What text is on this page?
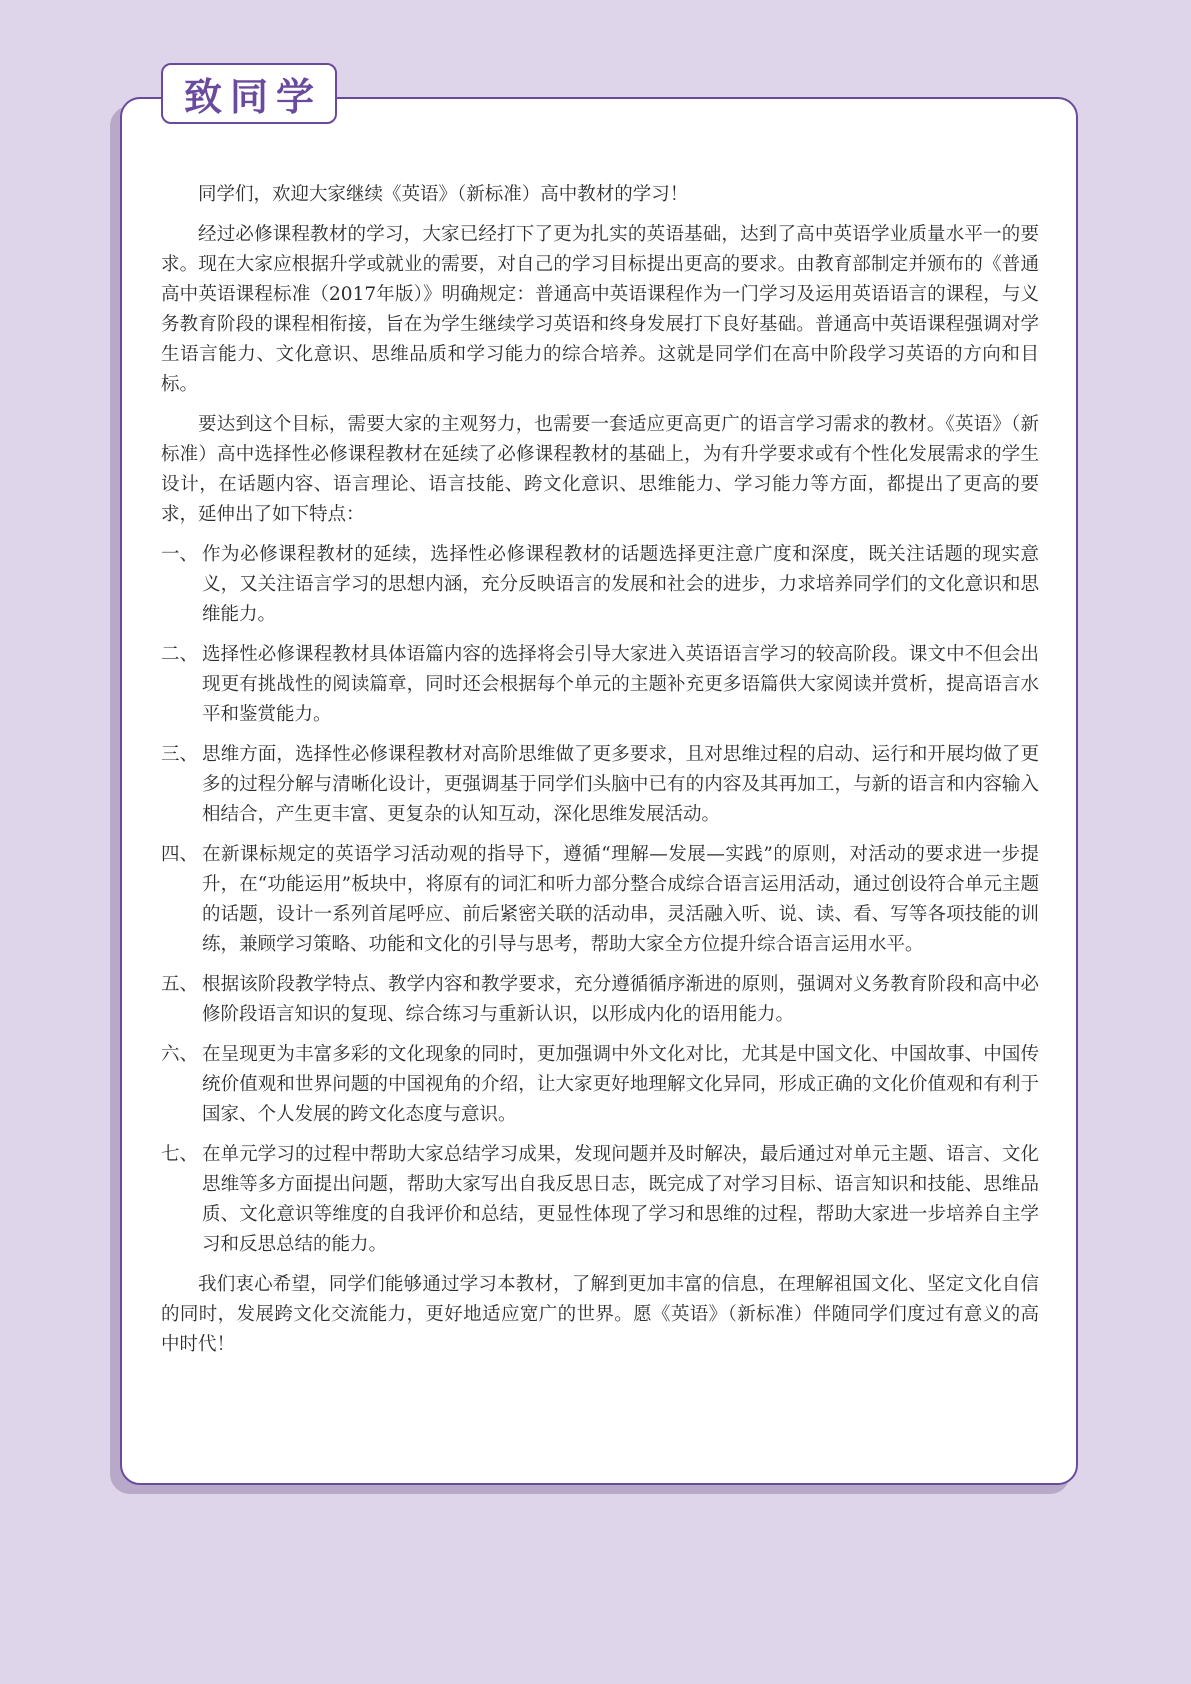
致同学

同学们，欢迎大家继续《英语》（新标准）高中教材的学习！

经过必修课程教材的学习，大家已经打下了更为扎实的英语基础，达到了高中英语学业质量水平一的要求。现在大家应根据升学或就业的需要，对自己的学习目标提出更高的要求。由教育部制定并颁布的《普通高中英语课程标准（2017年版）》明确规定：普通高中英语课程作为一门学习及运用英语语言的课程，与义务教育阶段的课程相衔接，旨在为学生继续学习英语和终身发展打下良好基础。普通高中英语课程强调对学生语言能力、文化意识、思维品质和学习能力的综合培养。这就是同学们在高中阶段学习英语的方向和目标。

要达到这个目标，需要大家的主观努力，也需要一套适应更高更广的语言学习需求的教材。《英语》（新标准）高中选择性必修课程教材在延续了必修课程教材的基础上，为有升学要求或有个性化发展需求的学生设计，在话题内容、语言理论、语言技能、跨文化意识、思维能力、学习能力等方面，都提出了更高的要求，延伸出了如下特点：

一、 作为必修课程教材的延续，选择性必修课程教材的话题选择更注意广度和深度，既关注话题的现实意义，又关注语言学习的思想内涵，充分反映语言的发展和社会的进步，力求培养同学们的文化意识和思维能力。
二、 选择性必修课程教材具体语篇内容的选择将会引导大家进入英语语言学习的较高阶段。课文中不但会出现更有挑战性的阅读篇章，同时还会根据每个单元的主题补充更多语篇供大家阅读并赏析，提高语言水平和鉴赏能力。
三、 思维方面，选择性必修课程教材对高阶思维做了更多要求，且对思维过程的启动、运行和开展均做了更多的过程分解与清晰化设计，更强调基于同学们头脑中已有的内容及其再加工，与新的语言和内容输入相结合，产生更丰富、更复杂的认知互动，深化思维发展活动。
四、 在新课标规定的英语学习活动观的指导下，遵循“理解—发展—实践”的原则，对活动的要求进一步提升，在“功能运用”板块中，将原有的词汇和听力部分整合成综合语言运用活动，通过创设符合单元主题的话题，设计一系列首尾呼应、前后紧密关联的活动串，灵活融入听、说、读、看、写等各项技能的训练，兼顾学习策略、功能和文化的引导与思考，帮助大家全方位提升综合语言运用水平。
五、 根据该阶段教学特点、教学内容和教学要求，充分遵循循序渐进的原则，强调对义务教育阶段和高中必修阶段语言知识的复现、综合练习与重新认识，以形成内化的语用能力。
六、 在呈现更为丰富多彩的文化现象的同时，更加强调中外文化对比，尤其是中国文化、中国故事、中国传统价值观和世界问题的中国视角的介绍，让大家更好地理解文化异同，形成正确的文化价值观和有利于国家、个人发展的跨文化态度与意识。
七、 在单元学习的过程中帮助大家总结学习成果，发现问题并及时解决，最后通过对单元主题、语言、文化思维等多方面提出问题，帮助大家写出自我反思日志，既完成了对学习目标、语言知识和技能、思维品质、文化意识等维度的自我评价和总结，更显性体现了学习和思维的过程，帮助大家进一步培养自主学习和反思总结的能力。

我们衷心希望，同学们能够通过学习本教材，了解到更加丰富的信息，在理解祖国文化、坚定文化自信的同时，发展跨文化交流能力，更好地适应宽广的世界。愿《英语》（新标准）伴随同学们度过有意义的高中时代！
